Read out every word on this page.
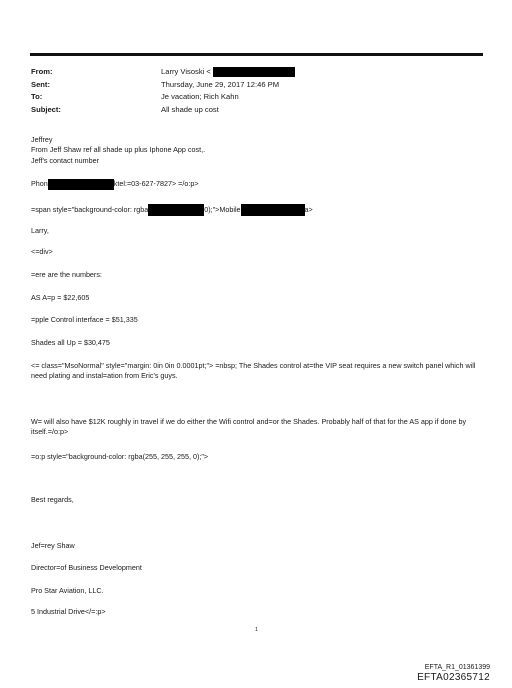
From:	Larry Visoski <
Sent:	Thursday, June 29, 2017 12:46 PM
To:	Je vacation; Rich Kahn
Subject:	All shade up cost
Jeffrey
From Jeff Shaw ref all shade up plus Iphone App cost,.
Jeff's contact number
Phon	ktel:=03-627-7827> =/o:p>
=span style="background-color: rgba	0);">Mobile	a>
Larry,
<=div>
=ere are the numbers:
AS A=p = $22,605
=pple Control interface = $51,335
Shades all Up = $30,475
<= class="MsoNormal" style="margin: 0in 0in 0.0001pt;"> =nbsp; The Shades control at=the VIP seat requires a new switch panel which will need plating and instal=ation from Eric's guys.
W= will also have $12K roughly in travel if we do either the Wifi control and=or the Shades. Probably half of that for the AS app if done by itself.=/o:p>
=o:p style="background-color: rgba(255, 255, 255, 0);">
Best regards,
Jef=rey Shaw
Director=of Business Development
Pro Star Aviation, LLC.
5 Industrial Drive</=:p>
1
EFTA_R1_01361399
EFTA02365712
